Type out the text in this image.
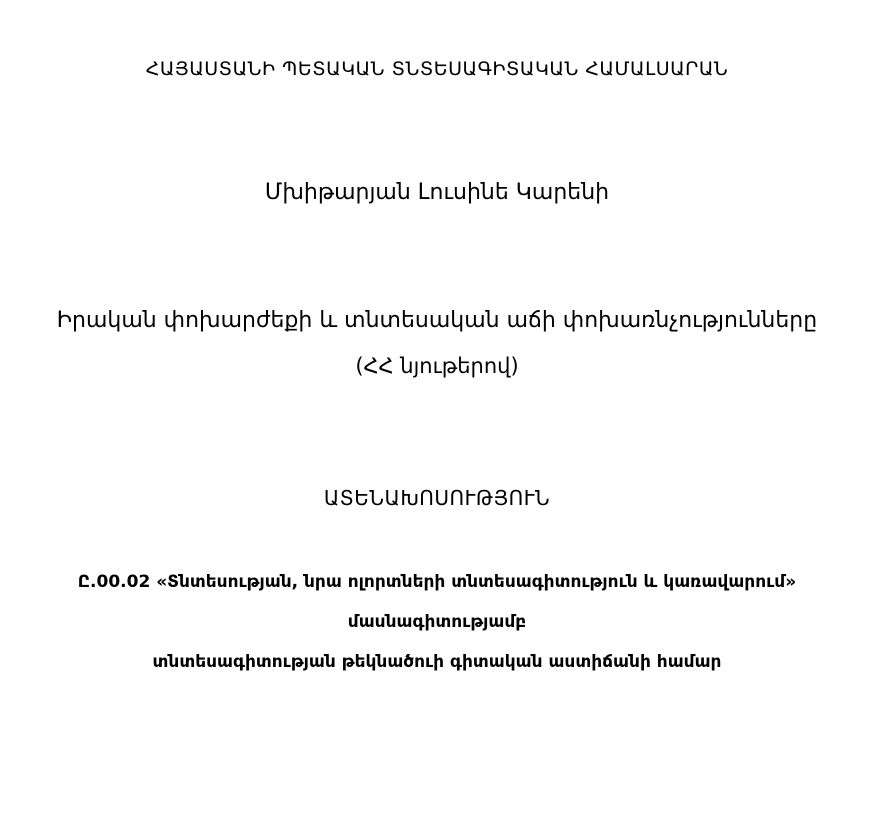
ՀԱՅԱՍՏԱՆԻ ՊԵՏԱԿԱՆ ՏՆՏԵՍԱԳԻՏԱԿԱՆ ՀԱՄԱԼՍԱՐԱՆ
Մխիթարյան Լուսինե Կարենի
Իրական փոխարժեքի և տնտեսական աճի փոխառնչությունները
(ՀՀ նյութերով)
ԱՏԵՆԱԽՈՍՈՒԹՅՈՒՆ
Ը.00.02 «Տնտեսության, նրա ոլորտների տնտեսագիտություն և կառավարում»
մասնագիտությամբ
տնտեսագիտության թեկնածուի գիտական աստիճանի համար
